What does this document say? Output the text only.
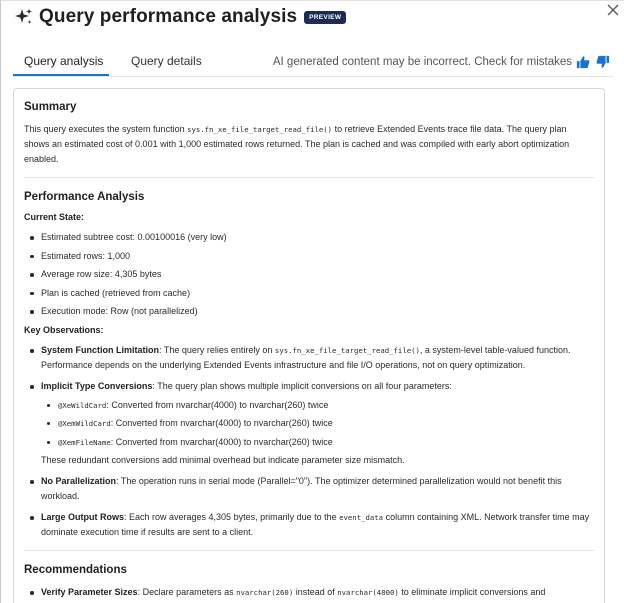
Query performance analysis	PREVIEW
Query analysis Query details	AI generated content may be incorrect. Check for mistakes
Summary

This query executes the system function sys.fn_xe_file_target_read_file() to retrieve Extended Events trace file data. The query plan shows an estimated cost of 0.001 with 1,000 estimated rows returned. The plan is cached and was compiled with early abort optimization enabled.

Performance Analysis
Current State:
Estimated subtree cost: 0.00100016 (very low)
Estimated rows: 1,000
Average row size: 4,305 bytes
Plan is cached (retrieved from cache)
Execution mode: Row (not parallelized)
Key Observations:
System Function Limitation: The query relies entirely on sys.fn_xe_file_target_read_file(), a system-level table-valued function. Performance depends on the underlying Extended Events infrastructure and file I/O operations, not on query optimization.
Implicit Type Conversions: The query plan shows multiple implicit conversions on all four parameters:
@XeWildCard: Converted from nvarchar(4000) to nvarchar(260) twice
@XemWildCard: Converted from nvarchar(4000) to nvarchar(260) twice
@XemFileName: Converted from nvarchar(4000) to nvarchar(260) twice
These redundant conversions add minimal overhead but indicate parameter size mismatch.
No Parallelization: The operation runs in serial mode (Parallel="0"). The optimizer determined parallelization would not benefit this workload.
Large Output Rows: Each row averages 4,305 bytes, primarily due to the event_data column containing XML. Network transfer time may dominate execution time if results are sent to a client.
Recommendations
Verify Parameter Sizes: Declare parameters as nvarchar(260) instead of nvarchar(4000) to eliminate implicit conversions and
